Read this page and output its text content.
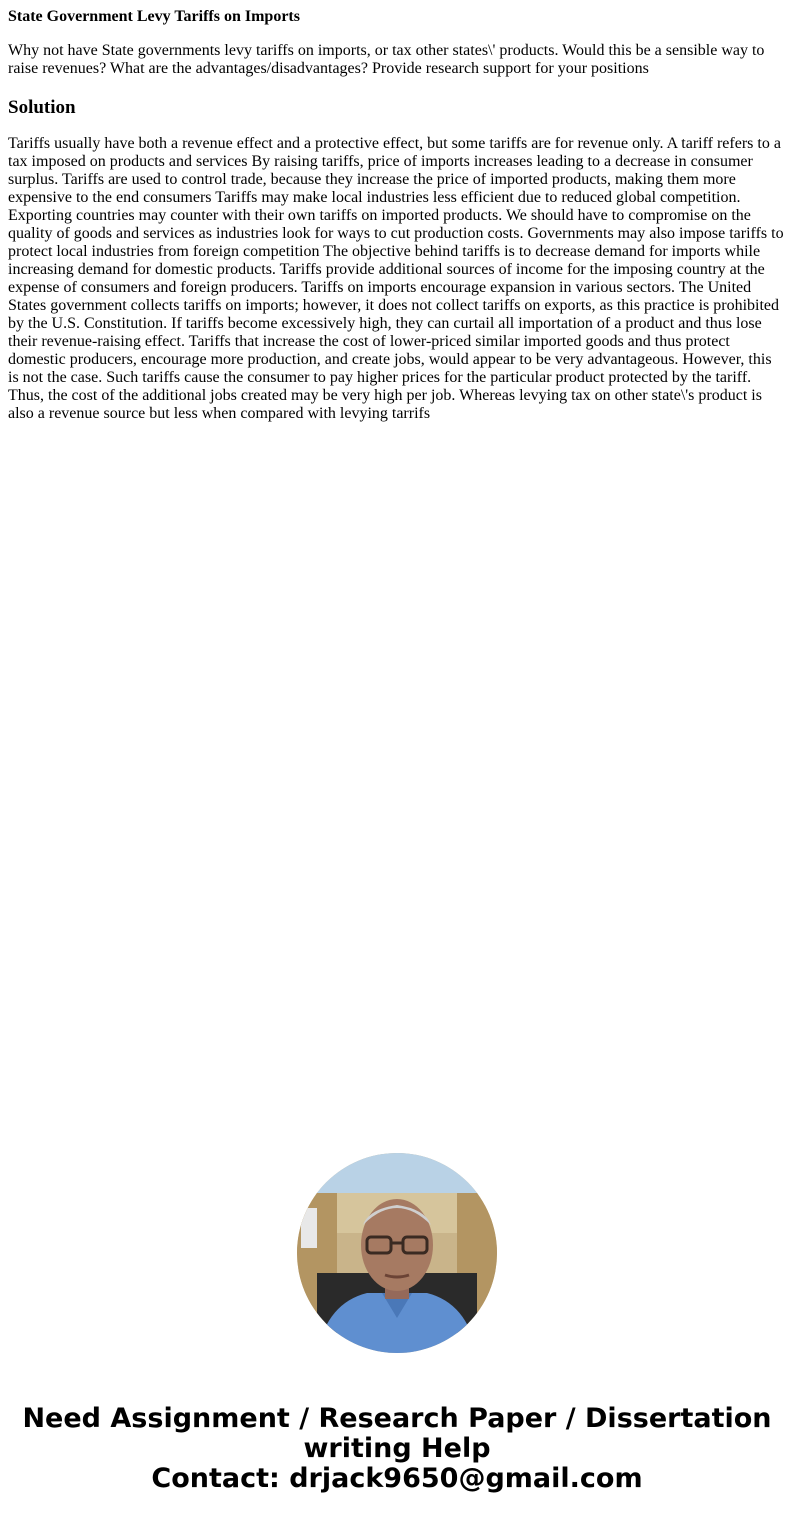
State Government Levy Tariffs on Imports

Why not have State governments levy tariffs on imports, or tax other states\' products. Would this be a sensible way to raise revenues? What are the advantages/disadvantages? Provide research support for your positions

Solution

Tariffs usually have both a revenue effect and a protective effect, but some tariffs are for revenue only. A tariff refers to a tax imposed on products and services By raising tariffs, price of imports increases leading to a decrease in consumer surplus. Tariffs are used to control trade, because they increase the price of imported products, making them more expensive to the end consumers Tariffs may make local industries less efficient due to reduced global competition. Exporting countries may counter with their own tariffs on imported products. We should have to compromise on the quality of goods and services as industries look for ways to cut production costs. Governments may also impose tariffs to protect local industries from foreign competition The objective behind tariffs is to decrease demand for imports while increasing demand for domestic products. Tariffs provide additional sources of income for the imposing country at the expense of consumers and foreign producers. Tariffs on imports encourage expansion in various sectors. The United States government collects tariffs on imports; however, it does not collect tariffs on exports, as this practice is prohibited by the U.S. Constitution. If tariffs become excessively high, they can curtail all importation of a product and thus lose their revenue-raising effect. Tariffs that increase the cost of lower-priced similar imported goods and thus protect domestic producers, encourage more production, and create jobs, would appear to be very advantageous. However, this is not the case. Such tariffs cause the consumer to pay higher prices for the particular product protected by the tariff. Thus, the cost of the additional jobs created may be very high per job. Whereas levying tax on other state\'s product is also a revenue source but less when compared with levying tarrifs

Need Assignment / Research Paper / Dissertation
writing Help
Contact: drjack9650@gmail.com
